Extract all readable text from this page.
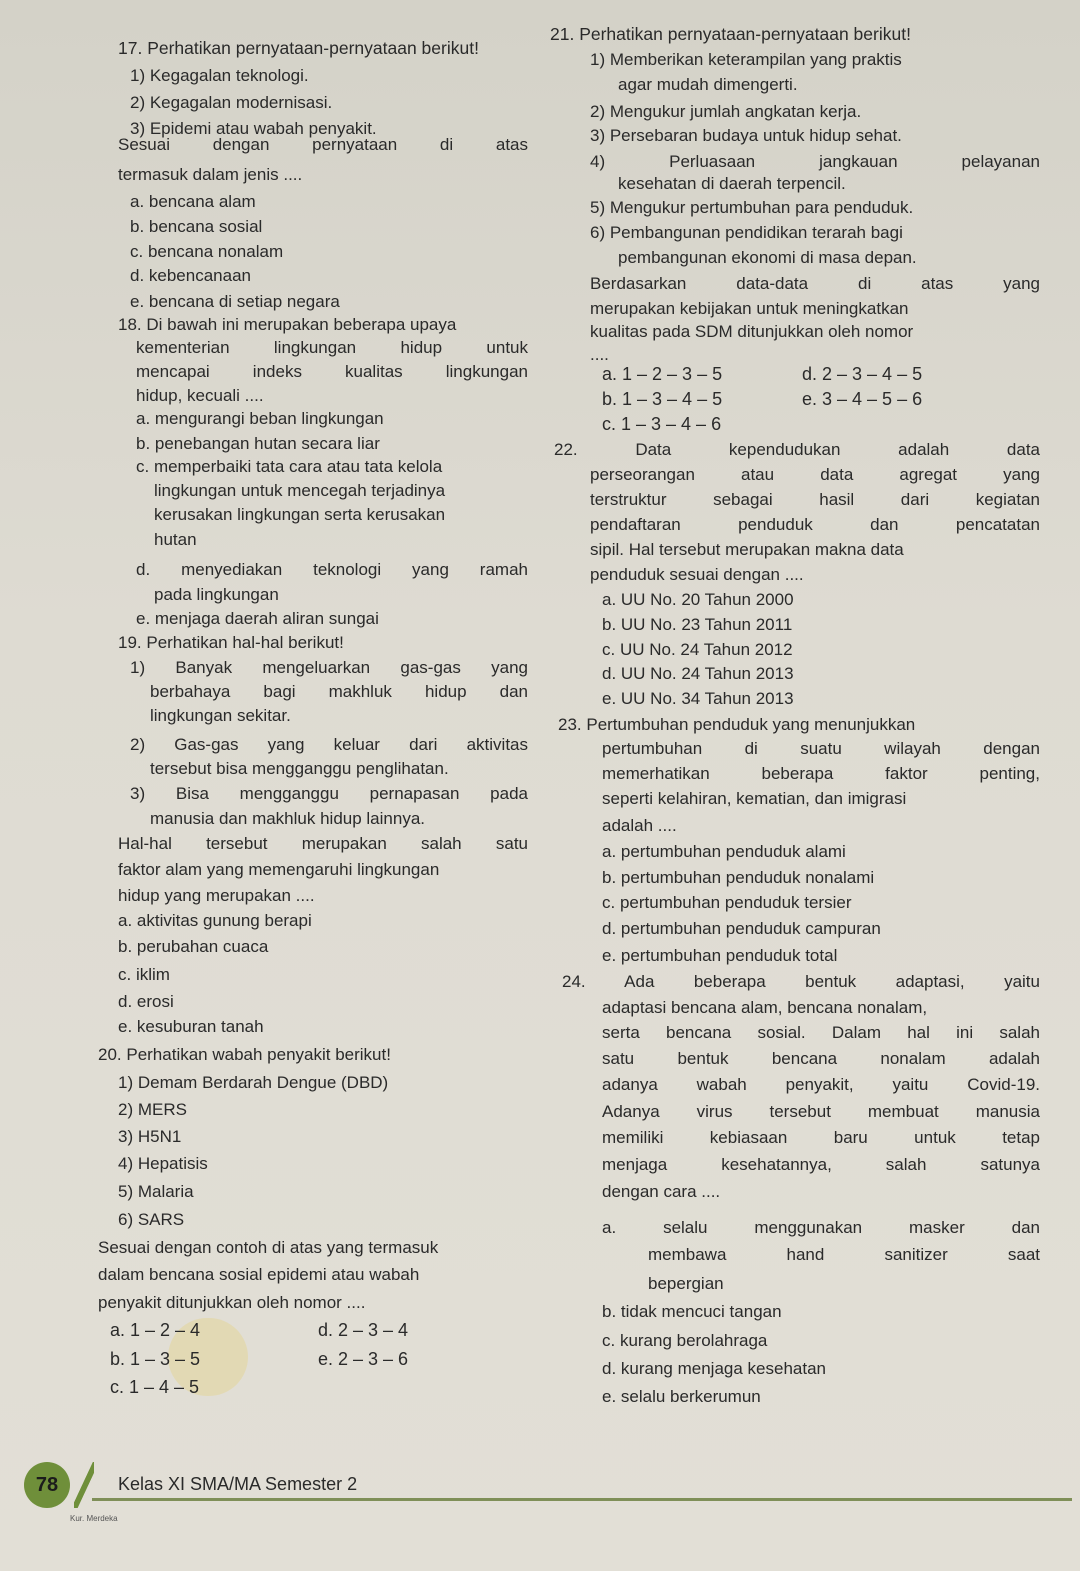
17. Perhatikan pernyataan-pernyataan berikut!
1) Kegagalan teknologi.
2) Kegagalan modernisasi.
3) Epidemi atau wabah penyakit.
Sesuai dengan pernyataan di atas
termasuk dalam jenis ....
a. bencana alam
b. bencana sosial
c. bencana nonalam
d. kebencanaan
e. bencana di setiap negara
18. Di bawah ini merupakan beberapa upaya
kementerian lingkungan hidup untuk
mencapai indeks kualitas lingkungan
hidup, kecuali ....
a. mengurangi beban lingkungan
b. penebangan hutan secara liar
c. memperbaiki tata cara atau tata kelola
lingkungan untuk mencegah terjadinya
kerusakan lingkungan serta kerusakan
hutan
d. menyediakan teknologi yang ramah
pada lingkungan
e. menjaga daerah aliran sungai
19. Perhatikan hal-hal berikut!
1) Banyak mengeluarkan gas-gas yang
berbahaya bagi makhluk hidup dan
lingkungan sekitar.
2) Gas-gas yang keluar dari aktivitas
tersebut bisa mengganggu penglihatan.
3) Bisa mengganggu pernapasan pada
manusia dan makhluk hidup lainnya.
Hal-hal tersebut merupakan salah satu
faktor alam yang memengaruhi lingkungan
hidup yang merupakan ....
a. aktivitas gunung berapi
b. perubahan cuaca
c. iklim
d. erosi
e. kesuburan tanah
20. Perhatikan wabah penyakit berikut!
1) Demam Berdarah Dengue (DBD)
2) MERS
3) H5N1
4) Hepatisis
5) Malaria
6) SARS
Sesuai dengan contoh di atas yang termasuk
dalam bencana sosial epidemi atau wabah
penyakit ditunjukkan oleh nomor ....
a. 1 – 2 – 4
b. 1 – 3 – 5
c. 1 – 4 – 5
d. 2 – 3 – 4
e. 2 – 3 – 6
21. Perhatikan pernyataan-pernyataan berikut!
1) Memberikan keterampilan yang praktis
agar mudah dimengerti.
2) Mengukur jumlah angkatan kerja.
3) Persebaran budaya untuk hidup sehat.
4) Perluasaan jangkauan pelayanan
kesehatan di daerah terpencil.
5) Mengukur pertumbuhan para penduduk.
6) Pembangunan pendidikan terarah bagi
pembangunan ekonomi di masa depan.
Berdasarkan data-data di atas yang
merupakan kebijakan untuk meningkatkan
kualitas pada SDM ditunjukkan oleh nomor
....
a. 1 – 2 – 3 – 5
b. 1 – 3 – 4 – 5
c. 1 – 3 – 4 – 6
d. 2 – 3 – 4 – 5
e. 3 – 4 – 5 – 6
22. Data kependudukan adalah data
perseorangan atau data agregat yang
terstruktur sebagai hasil dari kegiatan
pendaftaran penduduk dan pencatatan
sipil. Hal tersebut merupakan makna data
penduduk sesuai dengan ....
a. UU No. 20 Tahun 2000
b. UU No. 23 Tahun 2011
c. UU No. 24 Tahun 2012
d. UU No. 24 Tahun 2013
e. UU No. 34 Tahun 2013
23. Pertumbuhan penduduk yang menunjukkan
pertumbuhan di suatu wilayah dengan
memerhatikan beberapa faktor penting,
seperti kelahiran, kematian, dan imigrasi
adalah ....
a. pertumbuhan penduduk alami
b. pertumbuhan penduduk nonalami
c. pertumbuhan penduduk tersier
d. pertumbuhan penduduk campuran
e. pertumbuhan penduduk total
24. Ada beberapa bentuk adaptasi, yaitu
adaptasi bencana alam, bencana nonalam,
serta bencana sosial. Dalam hal ini salah
satu bentuk bencana nonalam adalah
adanya wabah penyakit, yaitu Covid-19.
Adanya virus tersebut membuat manusia
memiliki kebiasaan baru untuk tetap
menjaga kesehatannya, salah satunya
dengan cara ....
a. selalu menggunakan masker dan
membawa hand sanitizer saat
bepergian
b. tidak mencuci tangan
c. kurang berolahraga
d. kurang menjaga kesehatan
e. selalu berkerumun
78	Kelas XI SMA/MA Semester 2
Kur. Merdeka
